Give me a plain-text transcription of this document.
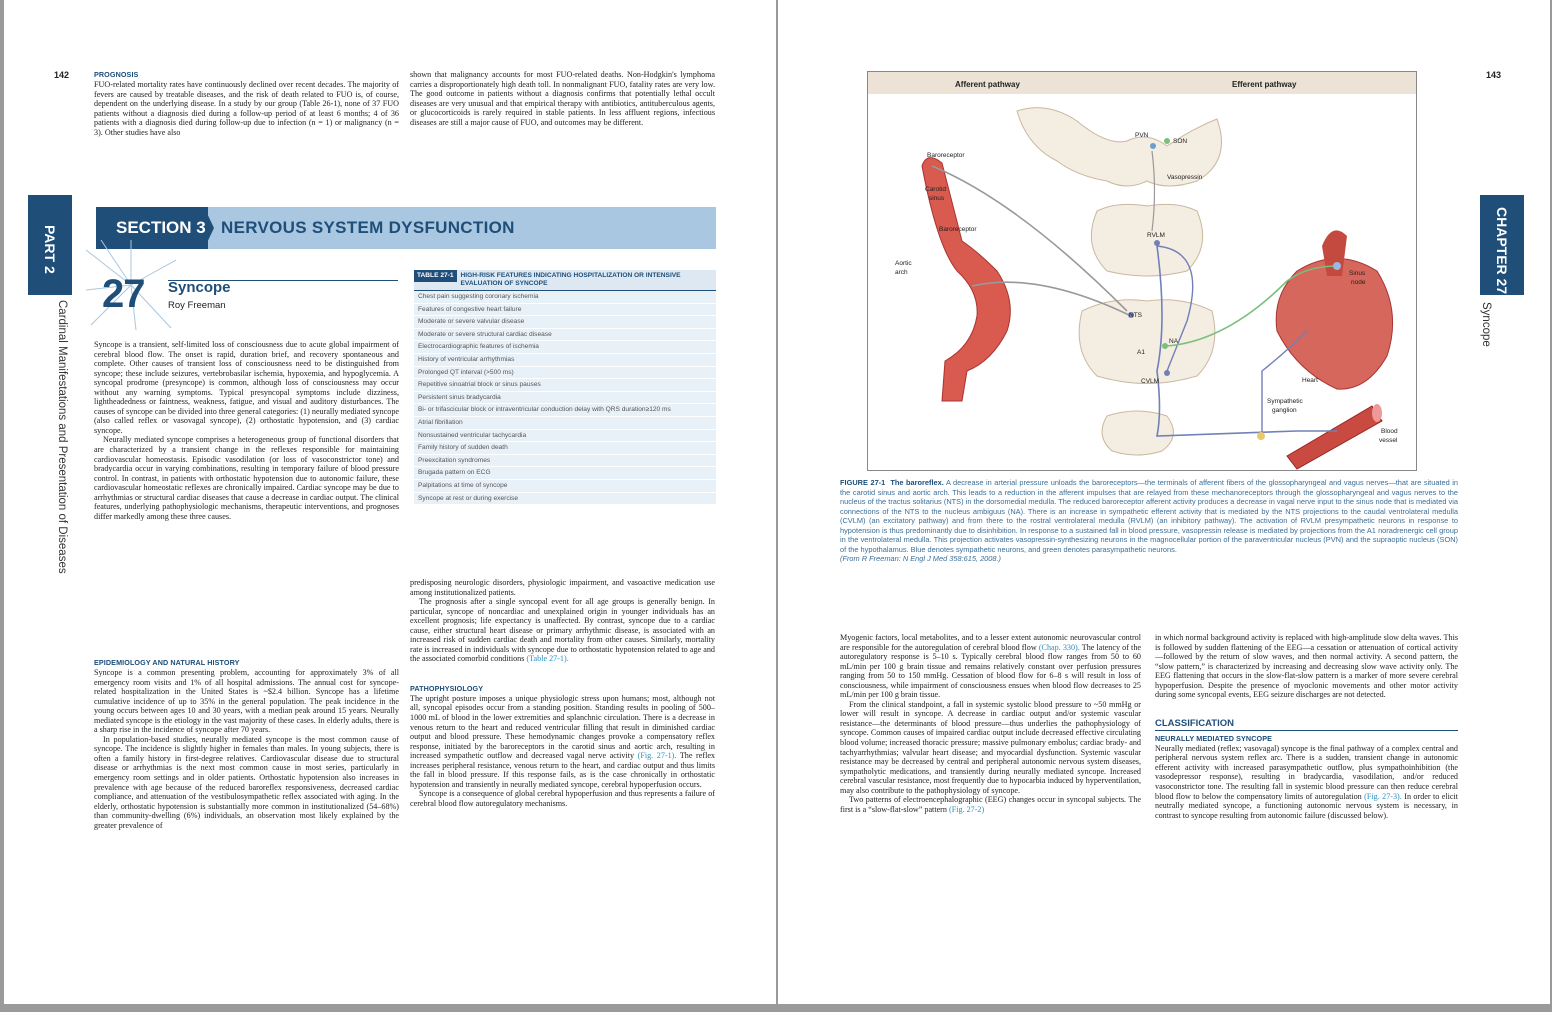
142
PART 2
Cardinal Manifestations and Presentation of Diseases
PROGNOSIS

FUO-related mortality rates have continuously declined over recent decades. The majority of fevers are caused by treatable diseases, and the risk of death related to FUO is, of course, dependent on the underlying disease. In a study by our group (Table 26-1), none of 37 FUO patients without a diagnosis died during a follow-up period of at least 6 months; 4 of 36 patients with a diagnosis died during follow-up due to infection (n = 1) or malignancy (n = 3). Other studies have also

shown that malignancy accounts for most FUO-related deaths. Non-Hodgkin's lymphoma carries a disproportionately high death toll. In nonmalignant FUO, fatality rates are very low. The good outcome in patients without a diagnosis confirms that potentially lethal occult diseases are very unusual and that empirical therapy with antibiotics, antituberculous agents, or glucocorticoids is rarely required in stable patients. In less affluent regions, infectious diseases are still a major cause of FUO, and outcomes may be different.

SECTION 3 NERVOUS SYSTEM DYSFUNCTION
27 Syncope
Roy Freeman

Syncope is a transient, self-limited loss of consciousness due to acute global impairment of cerebral blood flow. The onset is rapid, duration brief, and recovery spontaneous and complete. Other causes of transient loss of consciousness need to be distinguished from syncope; these include seizures, vertebrobasilar ischemia, hypoxemia, and hypoglycemia. A syncopal prodrome (presyncope) is common, although loss of consciousness may occur without any warning symptoms. Typical presyncopal symptoms include dizziness, lightheadedness or faintness, weakness, fatigue, and visual and auditory disturbances. The causes of syncope can be divided into three general categories: (1) neurally mediated syncope (also called reflex or vasovagal syncope), (2) orthostatic hypotension, and (3) cardiac syncope.

Neurally mediated syncope comprises a heterogeneous group of functional disorders that are characterized by a transient change in the reflexes responsible for maintaining cardiovascular homeostasis. Episodic vasodilation (or loss of vasoconstrictor tone) and bradycardia occur in varying combinations, resulting in temporary failure of blood pressure control. In contrast, in patients with orthostatic hypotension due to autonomic failure, these cardiovascular homeostatic reflexes are chronically impaired. Cardiac syncope may be due to arrhythmias or structural cardiac diseases that cause a decrease in cardiac output. The clinical features, underlying pathophysiologic mechanisms, therapeutic interventions, and prognoses differ markedly among these three causes.

TABLE 27-1	HIGH-RISK FEATURES INDICATING HOSPITALIZATION OR INTENSIVE EVALUATION OF SYNCOPE
Chest pain suggesting coronary ischemia
Features of congestive heart failure
Moderate or severe valvular disease
Moderate or severe structural cardiac disease
Electrocardiographic features of ischemia
History of ventricular arrhythmias
Prolonged QT interval (>500 ms)
Repetitive sinoatrial block or sinus pauses
Persistent sinus bradycardia
Bi- or trifascicular block or intraventricular conduction delay with QRS duration≥120 ms
Atrial fibrillation
Nonsustained ventricular tachycardia
Family history of sudden death
Preexcitation syndromes
Brugada pattern on ECG
Palpitations at time of syncope
Syncope at rest or during exercise
EPIDEMIOLOGY AND NATURAL HISTORY

Syncope is a common presenting problem, accounting for approximately 3% of all emergency room visits and 1% of all hospital admissions. The annual cost for syncope-related hospitalization in the United States is ~$2.4 billion. Syncope has a lifetime cumulative incidence of up to 35% in the general population. The peak incidence in the young occurs between ages 10 and 30 years, with a median peak around 15 years. Neurally mediated syncope is the etiology in the vast majority of these cases. In elderly adults, there is a sharp rise in the incidence of syncope after 70 years.

In population-based studies, neurally mediated syncope is the most common cause of syncope. The incidence is slightly higher in females than males. In young subjects, there is often a family history in first-degree relatives. Cardiovascular disease due to structural disease or arrhythmias is the next most common cause in most series, particularly in emergency room settings and in older patients. Orthostatic hypotension also increases in prevalence with age because of the reduced baroreflex responsiveness, decreased cardiac compliance, and attenuation of the vestibulosympathetic reflex associated with aging. In the elderly, orthostatic hypotension is substantially more common in institutionalized (54–68%) than community-dwelling (6%) individuals, an observation most likely explained by the greater prevalence of

predisposing neurologic disorders, physiologic impairment, and vasoactive medication use among institutionalized patients.

The prognosis after a single syncopal event for all age groups is generally benign. In particular, syncope of noncardiac and unexplained origin in younger individuals has an excellent prognosis; life expectancy is unaffected. By contrast, syncope due to a cardiac cause, either structural heart disease or primary arrhythmic disease, is associated with an increased risk of sudden cardiac death and mortality from other causes. Similarly, mortality rate is increased in individuals with syncope due to orthostatic hypotension related to age and the associated comorbid conditions (Table 27-1).

PATHOPHYSIOLOGY

The upright posture imposes a unique physiologic stress upon humans; most, although not all, syncopal episodes occur from a standing position. Standing results in pooling of 500–1000 mL of blood in the lower extremities and splanchnic circulation. There is a decrease in venous return to the heart and reduced ventricular filling that result in diminished cardiac output and blood pressure. These hemodynamic changes provoke a compensatory reflex response, initiated by the baroreceptors in the carotid sinus and aortic arch, resulting in increased sympathetic outflow and decreased vagal nerve activity (Fig. 27-1). The reflex increases peripheral resistance, venous return to the heart, and cardiac output and thus limits the fall in blood pressure. If this response fails, as is the case chronically in orthostatic hypotension and transiently in neurally mediated syncope, cerebral hypoperfusion occurs.

Syncope is a consequence of global cerebral hypoperfusion and thus represents a failure of cerebral blood flow autoregulatory mechanisms.

143
CHAPTER 27
Syncope
Afferent pathway	Efferent pathway
Baroreceptor
Carotid
sinus
Baroreceptor
Aortic
arch
PVN
SON
Vasopressin
RVLM
NTS
NA
A1
CVLM
Sinus
node
Heart
Sympathetic
ganglion
Blood
vessel
FIGURE 27-1 The baroreflex. A decrease in arterial pressure unloads the baroreceptors—the terminals of afferent fibers of the glossopharyngeal and vagus nerves—that are situated in the carotid sinus and aortic arch. This leads to a reduction in the afferent impulses that are relayed from these mechanoreceptors through the glossopharyngeal and vagus nerves to the nucleus of the tractus solitarius (NTS) in the dorsomedial medulla. The reduced baroreceptor afferent activity produces a decrease in vagal nerve input to the sinus node that is mediated via connections of the NTS to the nucleus ambiguus (NA). There is an increase in sympathetic efferent activity that is mediated by the NTS projections to the caudal ventrolateral medulla (CVLM) (an excitatory pathway) and from there to the rostral ventrolateral medulla (RVLM) (an inhibitory pathway). The activation of RVLM presympathetic neurons in response to hypotension is thus predominantly due to disinhibition. In response to a sustained fall in blood pressure, vasopressin release is mediated by projections from the A1 noradrenergic cell group in the ventrolateral medulla. This projection activates vasopressin-synthesizing neurons in the magnocellular portion of the paraventricular nucleus (PVN) and the supraoptic nucleus (SON) of the hypothalamus. Blue denotes sympathetic neurons, and green denotes parasympathetic neurons.
(From R Freeman: N Engl J Med 358:615, 2008.)

Myogenic factors, local metabolites, and to a lesser extent autonomic neurovascular control are responsible for the autoregulation of cerebral blood flow (Chap. 330). The latency of the autoregulatory response is 5–10 s. Typically cerebral blood flow ranges from 50 to 60 mL/min per 100 g brain tissue and remains relatively constant over perfusion pressures ranging from 50 to 150 mmHg. Cessation of blood flow for 6–8 s will result in loss of consciousness, while impairment of consciousness ensues when blood flow decreases to 25 mL/min per 100 g brain tissue.

From the clinical standpoint, a fall in systemic systolic blood pressure to ~50 mmHg or lower will result in syncope. A decrease in cardiac output and/or systemic vascular resistance—the determinants of blood pressure—thus underlies the pathophysiology of syncope. Common causes of impaired cardiac output include decreased effective circulating blood volume; increased thoracic pressure; massive pulmonary embolus; cardiac brady- and tachyarrhythmias; valvular heart disease; and myocardial dysfunction. Systemic vascular resistance may be decreased by central and peripheral autonomic nervous system diseases, sympatholytic medications, and transiently during neurally mediated syncope. Increased cerebral vascular resistance, most frequently due to hypocarbia induced by hyperventilation, may also contribute to the pathophysiology of syncope.

Two patterns of electroencephalographic (EEG) changes occur in syncopal subjects. The first is a “slow-flat-slow” pattern (Fig. 27-2)

in which normal background activity is replaced with high-amplitude slow delta waves. This is followed by sudden flattening of the EEG—a cessation or attenuation of cortical activity—followed by the return of slow waves, and then normal activity. A second pattern, the “slow pattern,” is characterized by increasing and decreasing slow wave activity only. The EEG flattening that occurs in the slow-flat-slow pattern is a marker of more severe cerebral hypoperfusion. Despite the presence of myoclonic movements and other motor activity during some syncopal events, EEG seizure discharges are not detected.

CLASSIFICATION
NEURALLY MEDIATED SYNCOPE

Neurally mediated (reflex; vasovagal) syncope is the final pathway of a complex central and peripheral nervous system reflex arc. There is a sudden, transient change in autonomic efferent activity with increased parasympathetic outflow, plus sympathoinhibition (the vasodepressor response), resulting in bradycardia, vasodilation, and/or reduced vasoconstrictor tone. The resulting fall in systemic blood pressure can then reduce cerebral blood flow to below the compensatory limits of autoregulation (Fig. 27-3). In order to elicit neutrally mediated syncope, a functioning autonomic nervous system is necessary, in contrast to syncope resulting from autonomic failure (discussed below).
